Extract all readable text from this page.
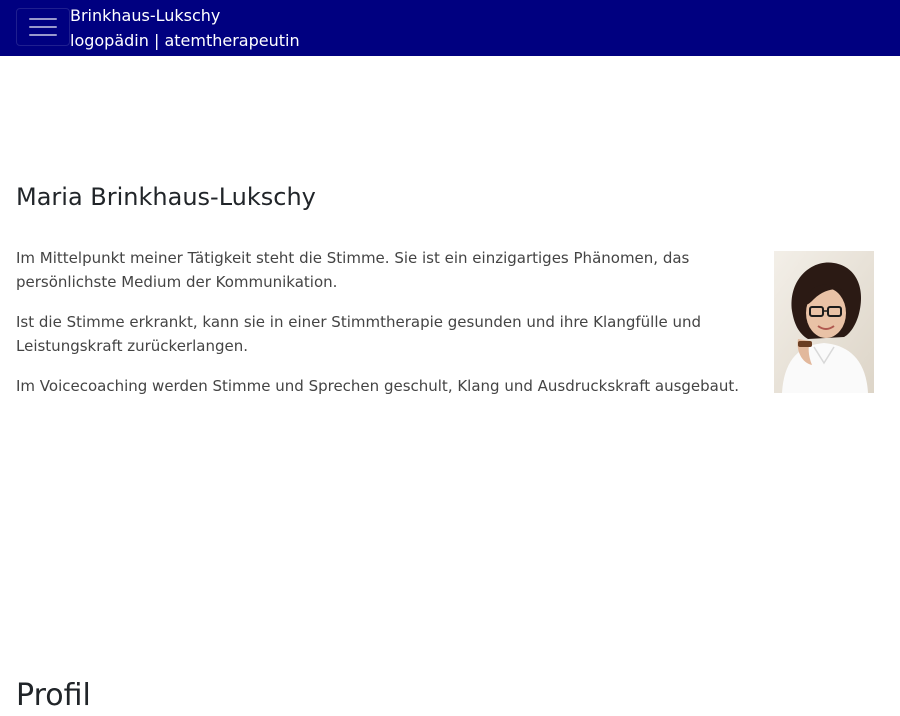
Brinkhaus-Lukschy
logopädin | atemtherapeutin
Maria Brinkhaus-Lukschy

Im Mittelpunkt meiner Tätigkeit steht die Stimme. Sie ist ein einzigartiges Phänomen, das persönlichste Medium der Kommunikation.

Ist die Stimme erkrankt, kann sie in einer Stimmtherapie gesunden und ihre Klangfülle und Leistungskraft zurückerlangen.

Im Voicecoaching werden Stimme und Sprechen geschult, Klang und Ausdruckskraft ausgebaut.

Profil
